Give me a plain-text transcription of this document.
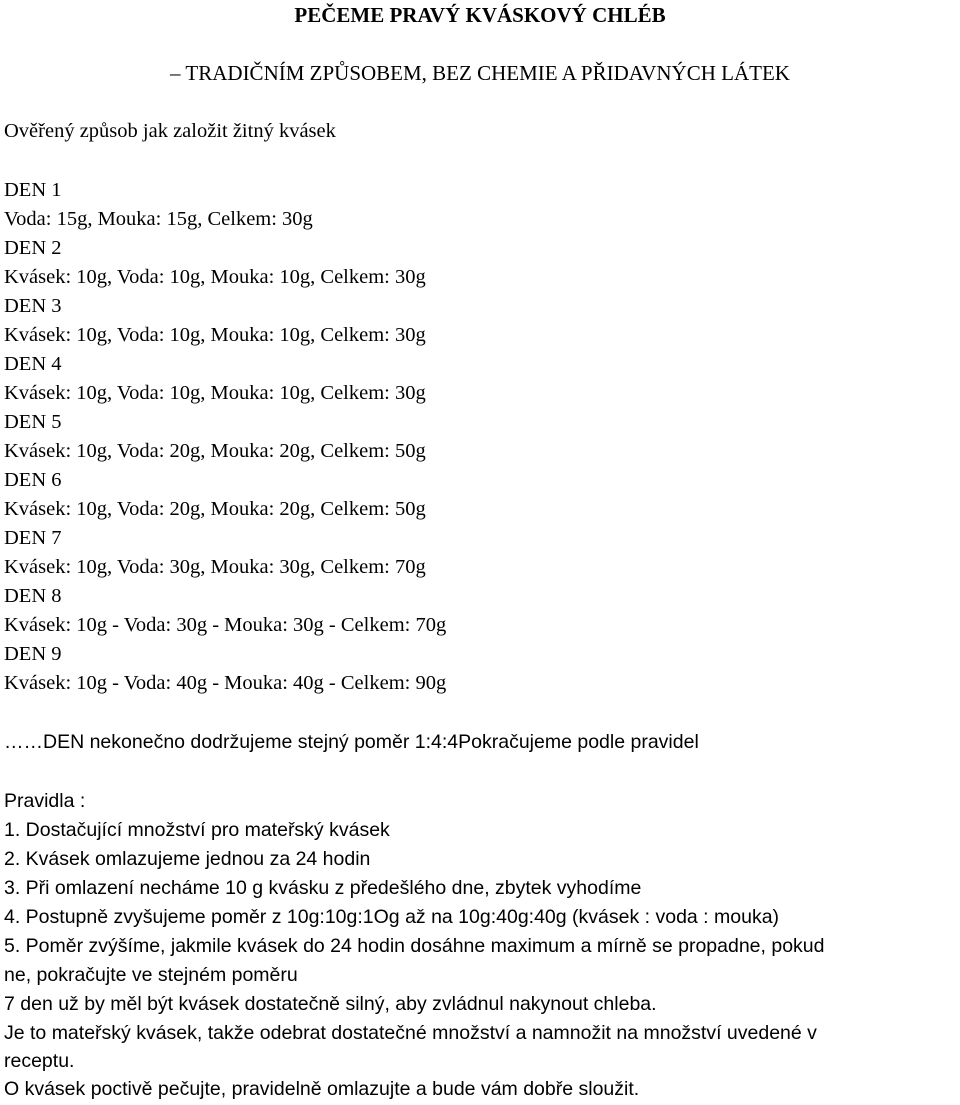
PEČEME PRAVÝ KVÁSKOVÝ CHLÉB
– TRADIČNÍM ZPŮSOBEM, BEZ CHEMIE A PŘIDAVNÝCH LÁTEK
Ověřený způsob jak založit žitný kvásek
DEN 1
Voda: 15g, Mouka: 15g, Celkem: 30g
DEN 2
Kvásek: 10g, Voda: 10g, Mouka: 10g, Celkem: 30g
DEN 3
Kvásek: 10g, Voda: 10g, Mouka: 10g, Celkem: 30g
DEN 4
Kvásek: 10g, Voda: 10g, Mouka: 10g, Celkem: 30g
DEN 5
Kvásek: 10g, Voda: 20g, Mouka: 20g, Celkem: 50g
DEN 6
Kvásek: 10g, Voda: 20g, Mouka: 20g, Celkem: 50g
DEN 7
Kvásek: 10g, Voda: 30g, Mouka: 30g, Celkem: 70g
DEN 8
Kvásek: 10g - Voda: 30g - Mouka: 30g - Celkem: 70g
DEN 9
Kvásek: 10g - Voda: 40g - Mouka: 40g - Celkem: 90g
……DEN nekonečno dodržujeme stejný poměr 1:4:4Pokračujeme podle pravidel
Pravidla :
1. Dostačující množství pro mateřský kvásek
2. Kvásek omlazujeme jednou za 24 hodin
3. Při omlazení necháme 10 g kvásku z předešlého dne, zbytek vyhodíme
4. Postupně zvyšujeme poměr z 10g:10g:1Og až na 10g:40g:40g (kvásek : voda : mouka)
5. Poměr zvýšíme, jakmile kvásek do 24 hodin dosáhne maximum a mírně se propadne, pokud
ne, pokračujte ve stejném poměru
7 den už by měl být kvásek dostatečně silný, aby zvládnul nakynout chleba.
Je to mateřský kvásek, takže odebrat dostatečné množství a namnožit na množství uvedené v
receptu.
O kvásek poctivě pečujte, pravidelně omlazujte a bude vám dobře sloužit.
